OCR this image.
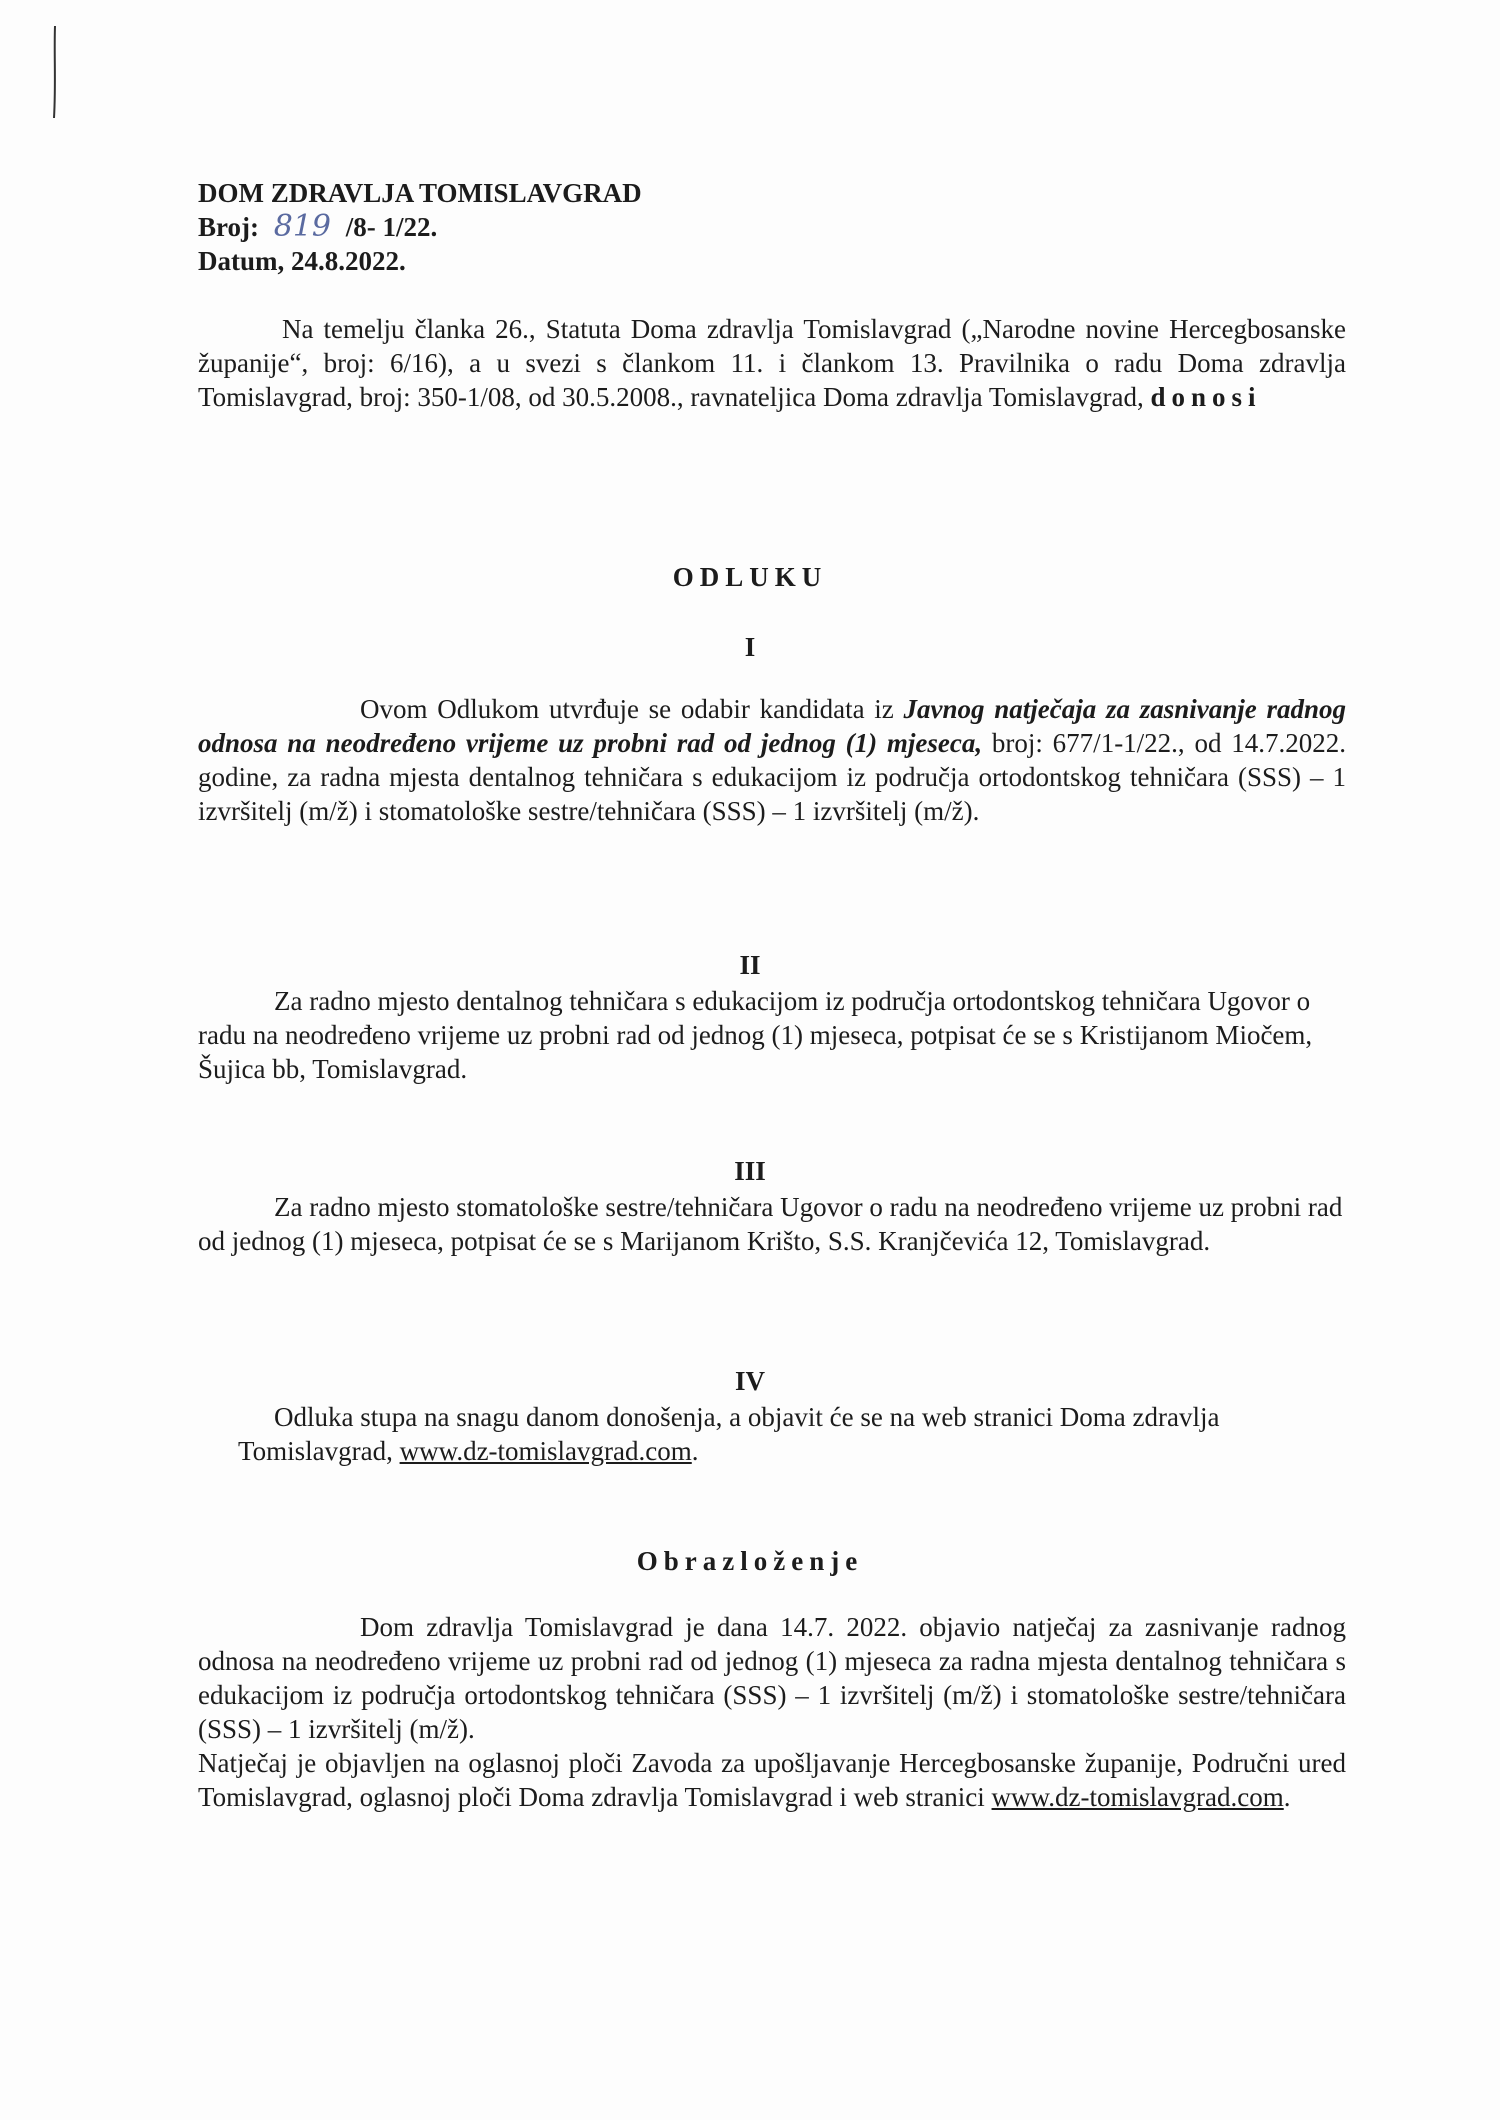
DOM ZDRAVLJA TOMISLAVGRAD
Broj: 819 /8- 1/22.
Datum, 24.8.2022.
Na temelju članka 26., Statuta Doma zdravlja Tomislavgrad („Narodne novine Hercegbosanske županije“, broj: 6/16), a u svezi s člankom 11. i člankom 13. Pravilnika o radu Doma zdravlja Tomislavgrad, broj: 350-1/08, od 30.5.2008., ravnateljica Doma zdravlja Tomislavgrad, donosi
ODLUKU
I
Ovom Odlukom utvrđuje se odabir kandidata iz Javnog natječaja za zasnivanje radnog odnosa na neodređeno vrijeme uz probni rad od jednog (1) mjeseca, broj: 677/1-1/22., od 14.7.2022. godine, za radna mjesta dentalnog tehničara s edukacijom iz područja ortodontskog tehničara (SSS) – 1 izvršitelj (m/ž) i stomatološke sestre/tehničara (SSS) – 1 izvršitelj (m/ž).
II
Za radno mjesto dentalnog tehničara s edukacijom iz područja ortodontskog tehničara Ugovor o radu na neodređeno vrijeme uz probni rad od jednog (1) mjeseca, potpisat će se s Kristijanom Miočem, Šujica bb, Tomislavgrad.
III
Za radno mjesto stomatološke sestre/tehničara Ugovor o radu na neodređeno vrijeme uz probni rad od jednog (1) mjeseca, potpisat će se s Marijanom Krišto, S.S. Kranjčevića 12, Tomislavgrad.
IV
Odluka stupa na snagu danom donošenja, a objavit će se na web stranici Doma zdravlja Tomislavgrad, www.dz-tomislavgrad.com.
Obrazloženje
Dom zdravlja Tomislavgrad je dana 14.7. 2022. objavio natječaj za zasnivanje radnog odnosa na neodređeno vrijeme uz probni rad od jednog (1) mjeseca za radna mjesta dentalnog tehničara s edukacijom iz područja ortodontskog tehničara (SSS) – 1 izvršitelj (m/ž) i stomatološke sestre/tehničara (SSS) – 1 izvršitelj (m/ž).
Natječaj je objavljen na oglasnoj ploči Zavoda za upošljavanje Hercegbosanske županije, Područni ured Tomislavgrad, oglasnoj ploči Doma zdravlja Tomislavgrad i web stranici www.dz-tomislavgrad.com.
